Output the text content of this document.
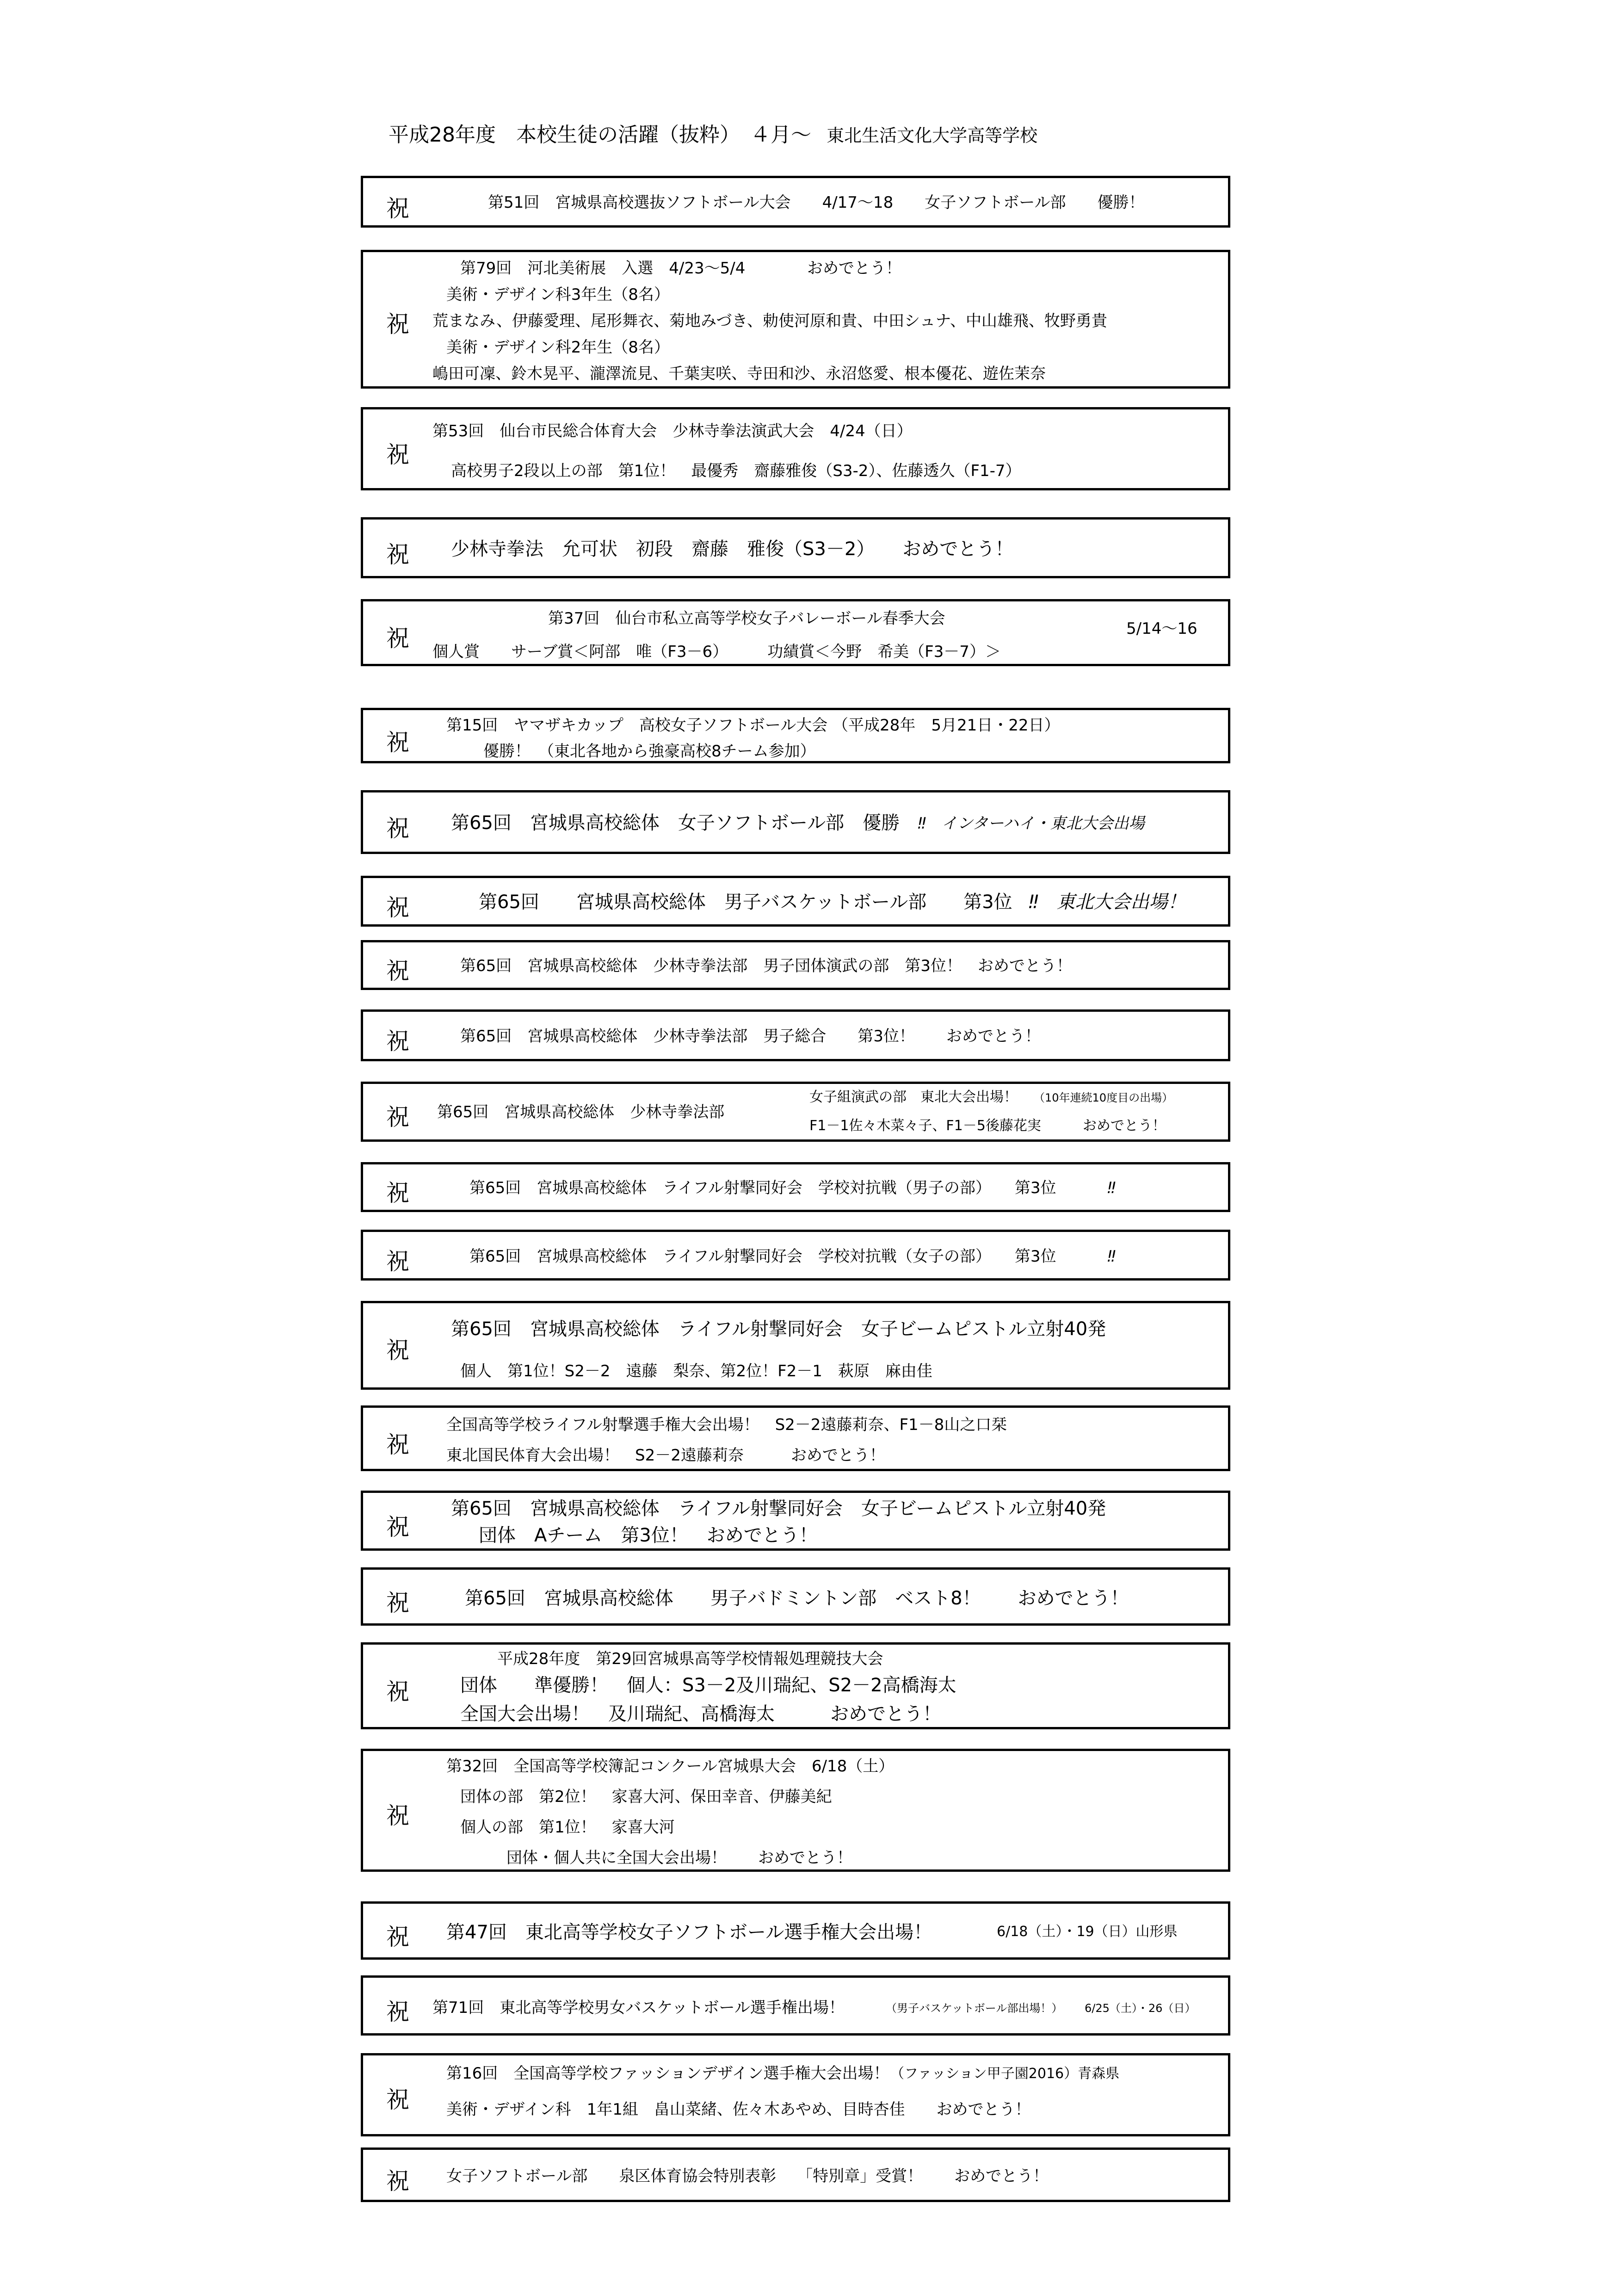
平成28年度　本校生徒の活躍（抜粋）　４月～ 東北生活文化大学高等学校
祝	第51回　宮城県高校選抜ソフトボール大会　　4/17～18　　女子ソフトボール部　　優勝！
祝
第79回　河北美術展　入選　4/23～5/4	おめでとう！
美術・デザイン科3年生（8名）
荒まなみ、伊藤愛理、尾形舞衣、菊地みづき、勅使河原和貴、中田シュナ、中山雄飛、牧野勇貴
美術・デザイン科2年生（8名）
嶋田可凜、鈴木晃平、瀧澤流見、千葉実咲、寺田和沙、永沼悠愛、根本優花、遊佐茉奈
祝
第53回　仙台市民総合体育大会　少林寺拳法演武大会　4/24（日）
高校男子2段以上の部　第1位！　最優秀　齋藤雅俊（S3-2）、佐藤透久（F1-7）
祝 少林寺拳法　允可状　初段　齋藤　雅俊（S3－2）　　おめでとう！
祝
第37回　仙台市私立高等学校女子バレーボール春季大会
5/14～16
個人賞　　サーブ賞＜阿部　唯（F3－6）　　　功績賞＜今野　希美（F3－7）＞
祝
第15回　ヤマザキカップ　高校女子ソフトボール大会 （平成28年　5月21日・22日）
優勝！　（東北各地から強豪高校8チーム参加）
祝 第65回　宮城県高校総体　女子ソフトボール部　優勝 ‼　インターハイ・東北大会出場
祝	第65回　　宮城県高校総体　男子バスケットボール部　　第3位 ‼　東北大会出場！
祝	第65回　宮城県高校総体　少林寺拳法部　男子団体演武の部　第3位！　おめでとう！
祝	第65回　宮城県高校総体　少林寺拳法部　男子総合　　第3位！　　おめでとう！
祝 第65回　宮城県高校総体　少林寺拳法部
女子組演武の部　東北大会出場！ （10年連続10度目の出場）
F1－1佐々木菜々子、F1－5後藤花実　　　おめでとう！
祝	第65回　宮城県高校総体　ライフル射撃同好会　学校対抗戦（男子の部）　　第3位	‼
祝	第65回　宮城県高校総体　ライフル射撃同好会　学校対抗戦（女子の部）　　第3位	‼
祝
第65回　宮城県高校総体　ライフル射撃同好会　女子ビームピストル立射40発
個人　第1位！S2－2　遠藤　梨奈、第2位！F2－1　萩原　麻由佳
祝
全国高等学校ライフル射撃選手権大会出場！　S2－2遠藤莉奈、F1－8山之口栞
東北国民体育大会出場！　S2－2遠藤莉奈　　　おめでとう！
祝
第65回　宮城県高校総体　ライフル射撃同好会　女子ビームピストル立射40発
団体　Aチーム　第3位！　おめでとう！
祝	第65回　宮城県高校総体　　男子バドミントン部　ベスト8！　　おめでとう！
祝
平成28年度　第29回宮城県高等学校情報処理競技大会
団体　　準優勝！　個人：S3－2及川瑞紀、S2－2高橋海太
全国大会出場！　及川瑞紀、高橋海太　　　おめでとう！
祝
第32回　全国高等学校簿記コンクール宮城県大会　6/18（土）
団体の部　第2位！　家喜大河、保田幸音、伊藤美紀
個人の部　第1位！　家喜大河
団体・個人共に全国大会出場！　　おめでとう！
祝 第47回　東北高等学校女子ソフトボール選手権大会出場！	6/18（土）・19（日）山形県
祝 第71回　東北高等学校男女バスケットボール選手権出場！	（男子バスケットボール部出場！） 6/25（土）・26（日）
祝
第16回　全国高等学校ファッションデザイン選手権大会出場！ （ファッション甲子園2016）青森県
美術・デザイン科　1年1組　畠山菜緒、佐々木あやめ、目時杏佳　　おめでとう！
祝 女子ソフトボール部　　泉区体育協会特別表彰　 「特別章」受賞！　　おめでとう！
